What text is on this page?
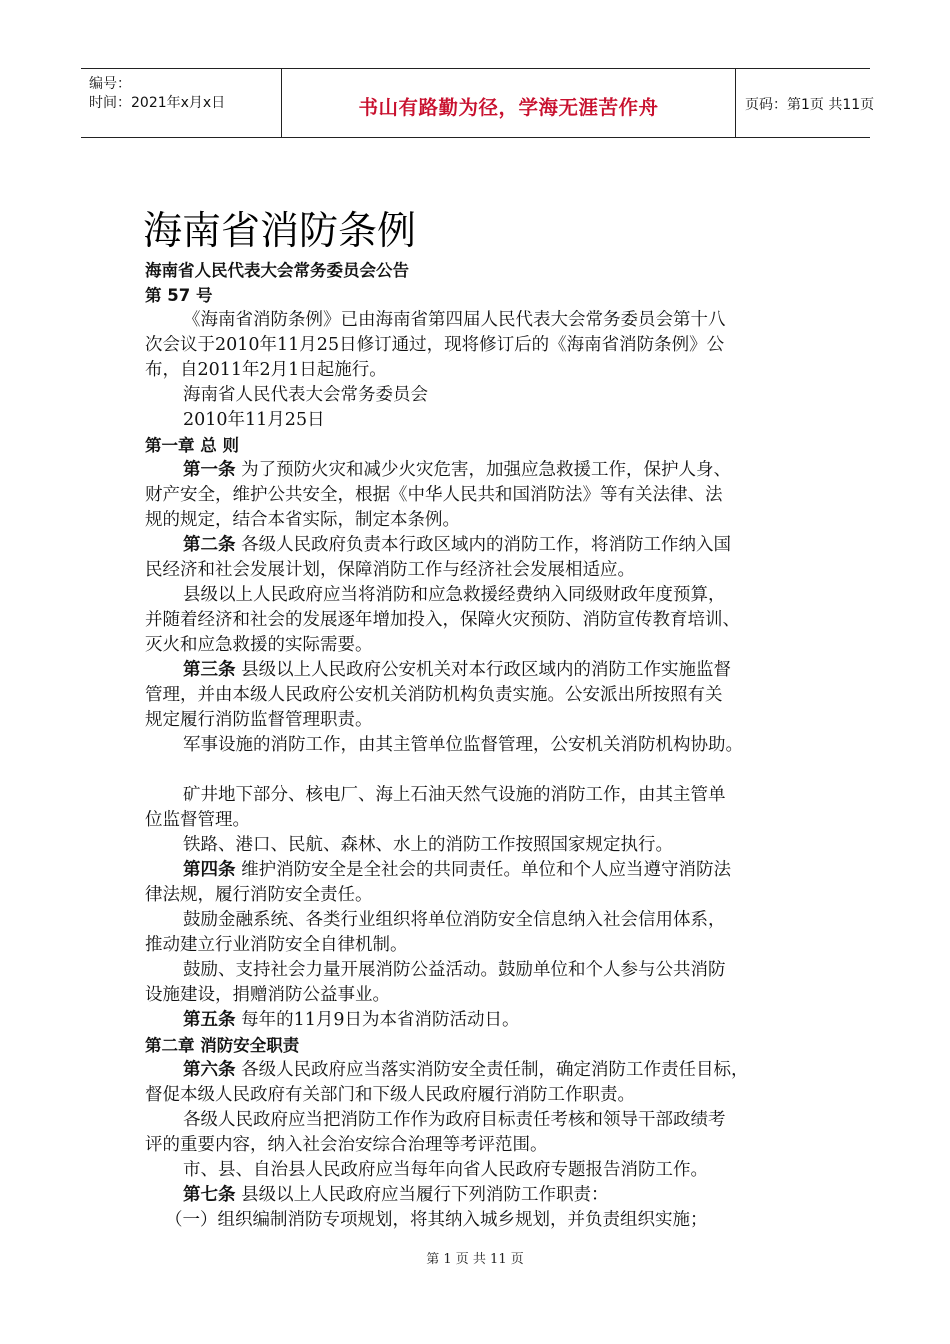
编号：
时间：2021年x月x日	书山有路勤为径，学海无涯苦作舟	页码：第1页 共11页
海南省消防条例
海南省人民代表大会常务委员会公告
第 57 号
《海南省消防条例》已由海南省第四届人民代表大会常务委员会第十八
次会议于2010年11月25日修订通过，现将修订后的《海南省消防条例》公
布，自2011年2月1日起施行。
海南省人民代表大会常务委员会
2010年11月25日
第一章 总 则
第一条 为了预防火灾和减少火灾危害，加强应急救援工作，保护人身、
财产安全，维护公共安全，根据《中华人民共和国消防法》等有关法律、法
规的规定，结合本省实际，制定本条例。
第二条 各级人民政府负责本行政区域内的消防工作，将消防工作纳入国
民经济和社会发展计划，保障消防工作与经济社会发展相适应。
县级以上人民政府应当将消防和应急救援经费纳入同级财政年度预算，
并随着经济和社会的发展逐年增加投入，保障火灾预防、消防宣传教育培训、
灭火和应急救援的实际需要。
第三条 县级以上人民政府公安机关对本行政区域内的消防工作实施监督
管理，并由本级人民政府公安机关消防机构负责实施。公安派出所按照有关
规定履行消防监督管理职责。
军事设施的消防工作，由其主管单位监督管理，公安机关消防机构协助。
矿井地下部分、核电厂、海上石油天然气设施的消防工作，由其主管单
位监督管理。
铁路、港口、民航、森林、水上的消防工作按照国家规定执行。
第四条 维护消防安全是全社会的共同责任。单位和个人应当遵守消防法
律法规，履行消防安全责任。
鼓励金融系统、各类行业组织将单位消防安全信息纳入社会信用体系，
推动建立行业消防安全自律机制。
鼓励、支持社会力量开展消防公益活动。鼓励单位和个人参与公共消防
设施建设，捐赠消防公益事业。
第五条 每年的11月9日为本省消防活动日。
第二章 消防安全职责
第六条 各级人民政府应当落实消防安全责任制，确定消防工作责任目标，
督促本级人民政府有关部门和下级人民政府履行消防工作职责。
各级人民政府应当把消防工作作为政府目标责任考核和领导干部政绩考
评的重要内容，纳入社会治安综合治理等考评范围。
市、县、自治县人民政府应当每年向省人民政府专题报告消防工作。
第七条 县级以上人民政府应当履行下列消防工作职责：
（一）组织编制消防专项规划，将其纳入城乡规划，并负责组织实施；
第 1 页 共 11 页
